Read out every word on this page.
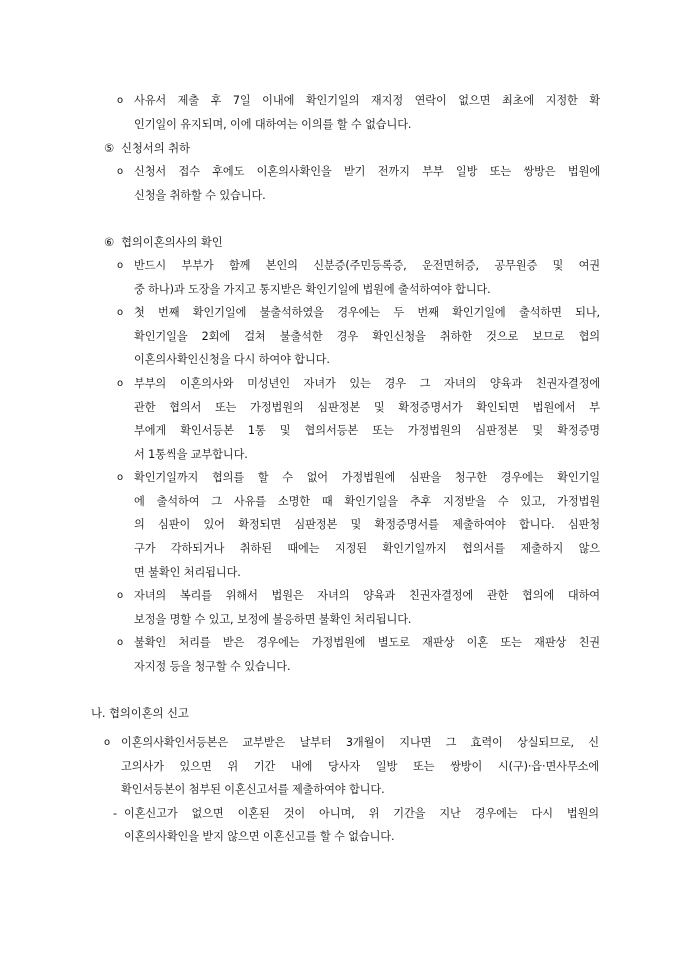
o 사유서 제출 후 7일 이내에 확인기일의 재지정 연락이 없으면 최초에 지정한 확
인기일이 유지되며, 이에 대하여는 이의를 할 수 없습니다.
⑤ 신청서의 취하
o 신청서 접수 후에도 이혼의사확인을 받기 전까지 부부 일방 또는 쌍방은 법원에
신청을 취하할 수 있습니다.
⑥ 협의이혼의사의 확인
o 반드시 부부가 함께 본인의 신분증(주민등록증, 운전면허증, 공무원증 및 여권
중 하나)과 도장을 가지고 통지받은 확인기일에 법원에 출석하여야 합니다.
o 첫 번째 확인기일에 불출석하였을 경우에는 두 번째 확인기일에 출석하면 되나,
확인기일을 2회에 걸쳐 불출석한 경우 확인신청을 취하한 것으로 보므로 협의
이혼의사확인신청을 다시 하여야 합니다.
o 부부의 이혼의사와 미성년인 자녀가 있는 경우 그 자녀의 양육과 친권자결정에
관한 협의서 또는 가정법원의 심판정본 및 확정증명서가 확인되면 법원에서 부
부에게 확인서등본 1통 및 협의서등본 또는 가정법원의 심판정본 및 확정증명
서 1통씩을 교부합니다.
o 확인기일까지 협의를 할 수 없어 가정법원에 심판을 청구한 경우에는 확인기일
에 출석하여 그 사유를 소명한 때 확인기일을 추후 지정받을 수 있고, 가정법원
의 심판이 있어 확정되면 심판정본 및 확정증명서를 제출하여야 합니다. 심판청
구가 각하되거나 취하된 때에는 지정된 확인기일까지 협의서를 제출하지 않으
면 불확인 처리됩니다.
o 자녀의 복리를 위해서 법원은 자녀의 양육과 친권자결정에 관한 협의에 대하여
보정을 명할 수 있고, 보정에 불응하면 불확인 처리됩니다.
o 불확인 처리를 받은 경우에는 가정법원에 별도로 재판상 이혼 또는 재판상 친권
자지정 등을 청구할 수 있습니다.
나. 협의이혼의 신고
o 이혼의사확인서등본은 교부받은 날부터 3개월이 지나면 그 효력이 상실되므로, 신
고의사가 있으면 위 기간 내에 당사자 일방 또는 쌍방이 시(구)·읍·면사무소에
확인서등본이 첨부된 이혼신고서를 제출하여야 합니다.
- 이혼신고가 없으면 이혼된 것이 아니며, 위 기간을 지난 경우에는 다시 법원의
이혼의사확인을 받지 않으면 이혼신고를 할 수 없습니다.
